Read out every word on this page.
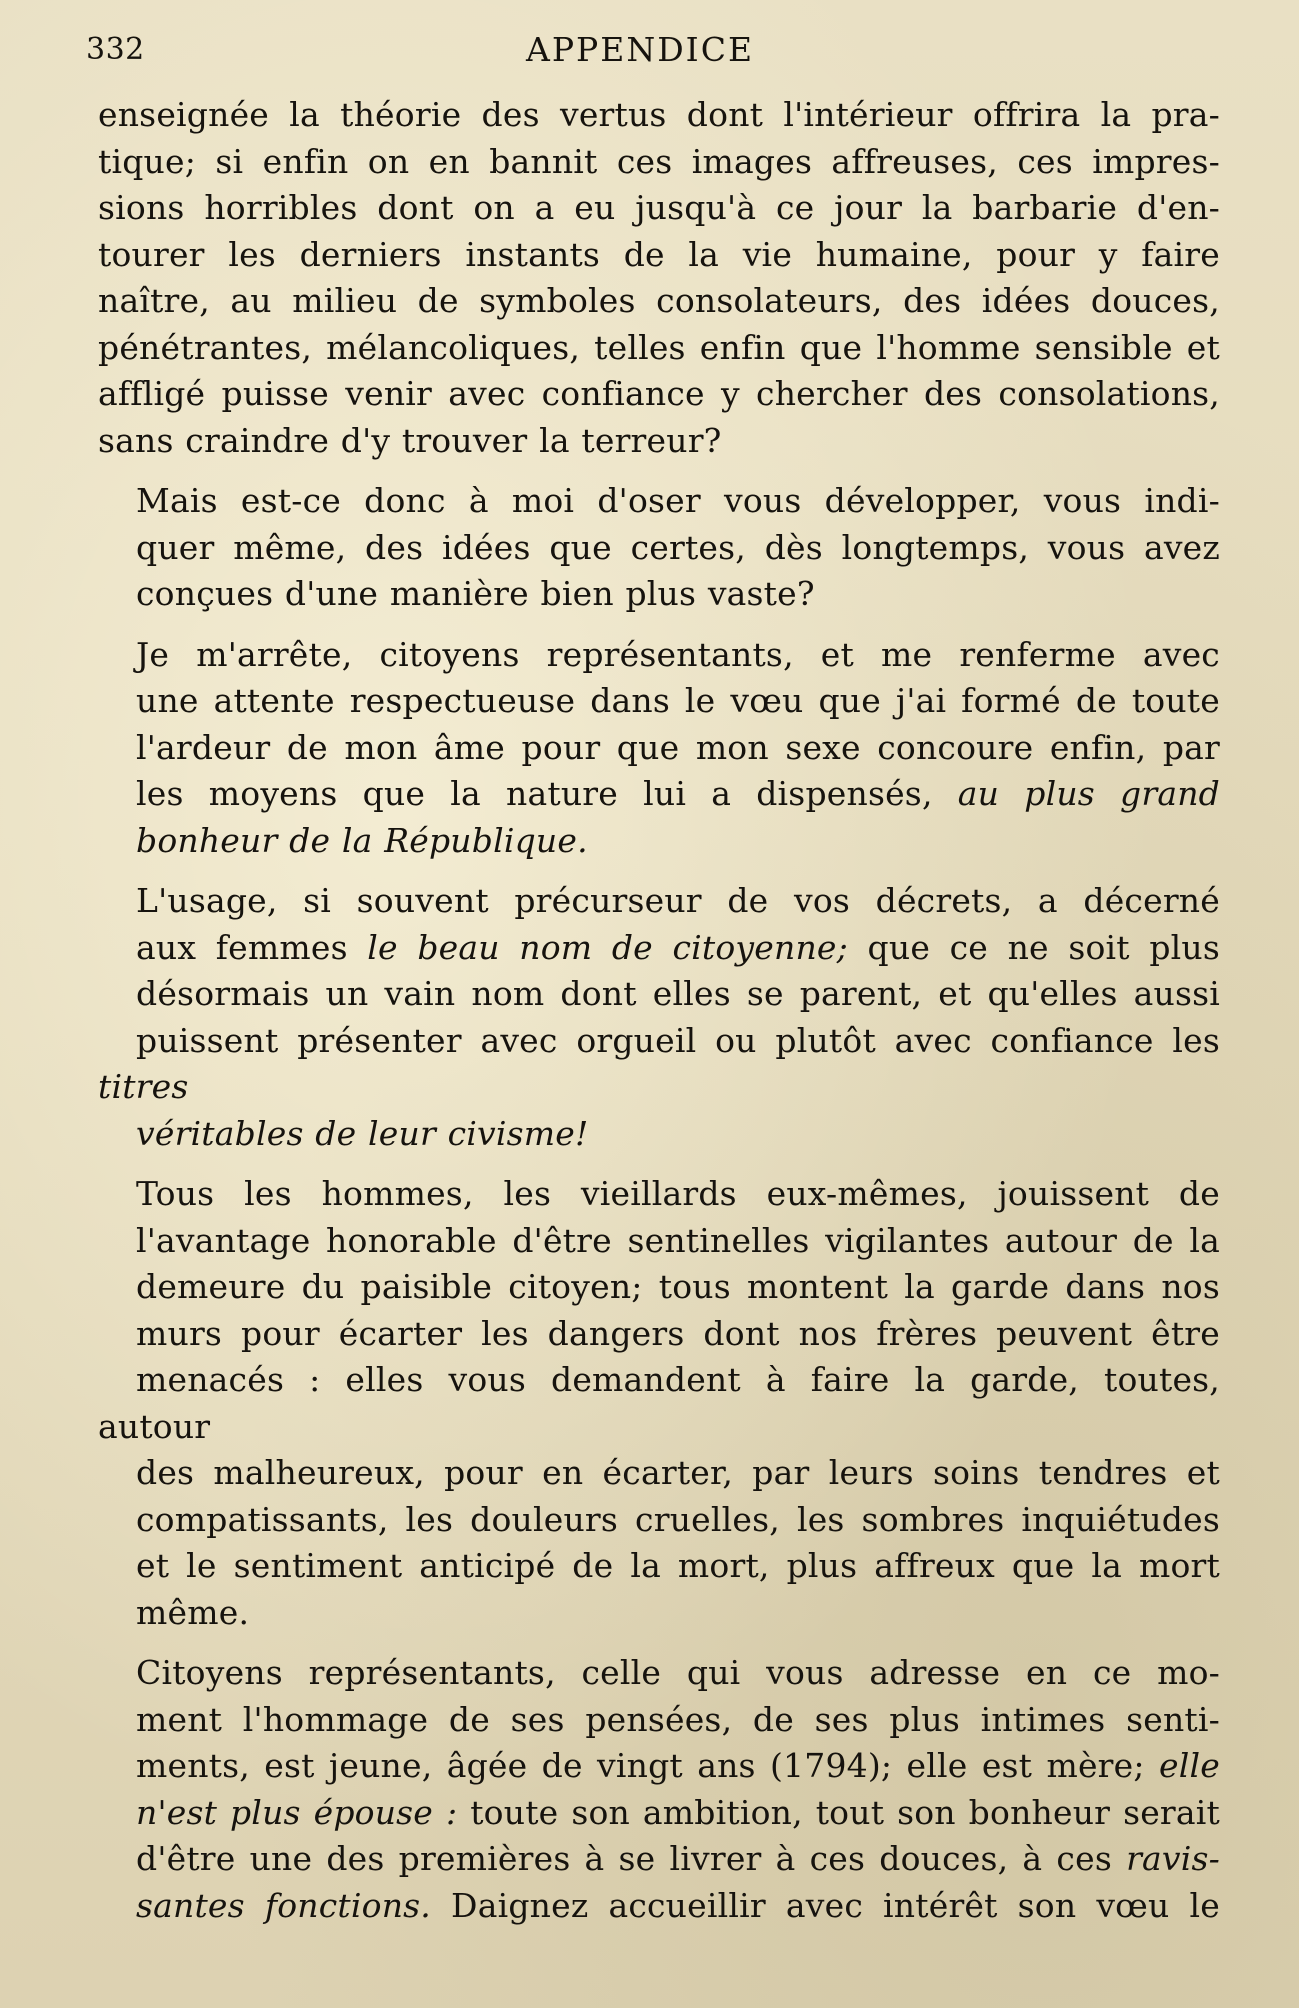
332	APPENDICE

enseignée la théorie des vertus dont l'intérieur offrira la pra-
tique; si enfin on en bannit ces images affreuses, ces impres-
sions horribles dont on a eu jusqu'à ce jour la barbarie d'en-
tourer les derniers instants de la vie humaine, pour y faire
naître, au milieu de symboles consolateurs, des idées douces,
pénétrantes, mélancoliques, telles enfin que l'homme sensible et
affligé puisse venir avec confiance y chercher des consolations,
sans craindre d'y trouver la terreur?

Mais est-ce donc à moi d'oser vous développer, vous indi-
quer même, des idées que certes, dès longtemps, vous avez
conçues d'une manière bien plus vaste?

Je m'arrête, citoyens représentants, et me renferme avec
une attente respectueuse dans le vœu que j'ai formé de toute
l'ardeur de mon âme pour que mon sexe concoure enfin, par
les moyens que la nature lui a dispensés, au plus grand
bonheur de la République.

L'usage, si souvent précurseur de vos décrets, a décerné
aux femmes le beau nom de citoyenne; que ce ne soit plus
désormais un vain nom dont elles se parent, et qu'elles aussi
puissent présenter avec orgueil ou plutôt avec confiance les titres
véritables de leur civisme!

Tous les hommes, les vieillards eux-mêmes, jouissent de
l'avantage honorable d'être sentinelles vigilantes autour de la
demeure du paisible citoyen; tous montent la garde dans nos
murs pour écarter les dangers dont nos frères peuvent être
menacés : elles vous demandent à faire la garde, toutes, autour
des malheureux, pour en écarter, par leurs soins tendres et
compatissants, les douleurs cruelles, les sombres inquiétudes
et le sentiment anticipé de la mort, plus affreux que la mort
même.

Citoyens représentants, celle qui vous adresse en ce mo-
ment l'hommage de ses pensées, de ses plus intimes senti-
ments, est jeune, âgée de vingt ans (1794); elle est mère; elle
n'est plus épouse : toute son ambition, tout son bonheur serait
d'être une des premières à se livrer à ces douces, à ces ravis-
santes fonctions. Daignez accueillir avec intérêt son vœu le
